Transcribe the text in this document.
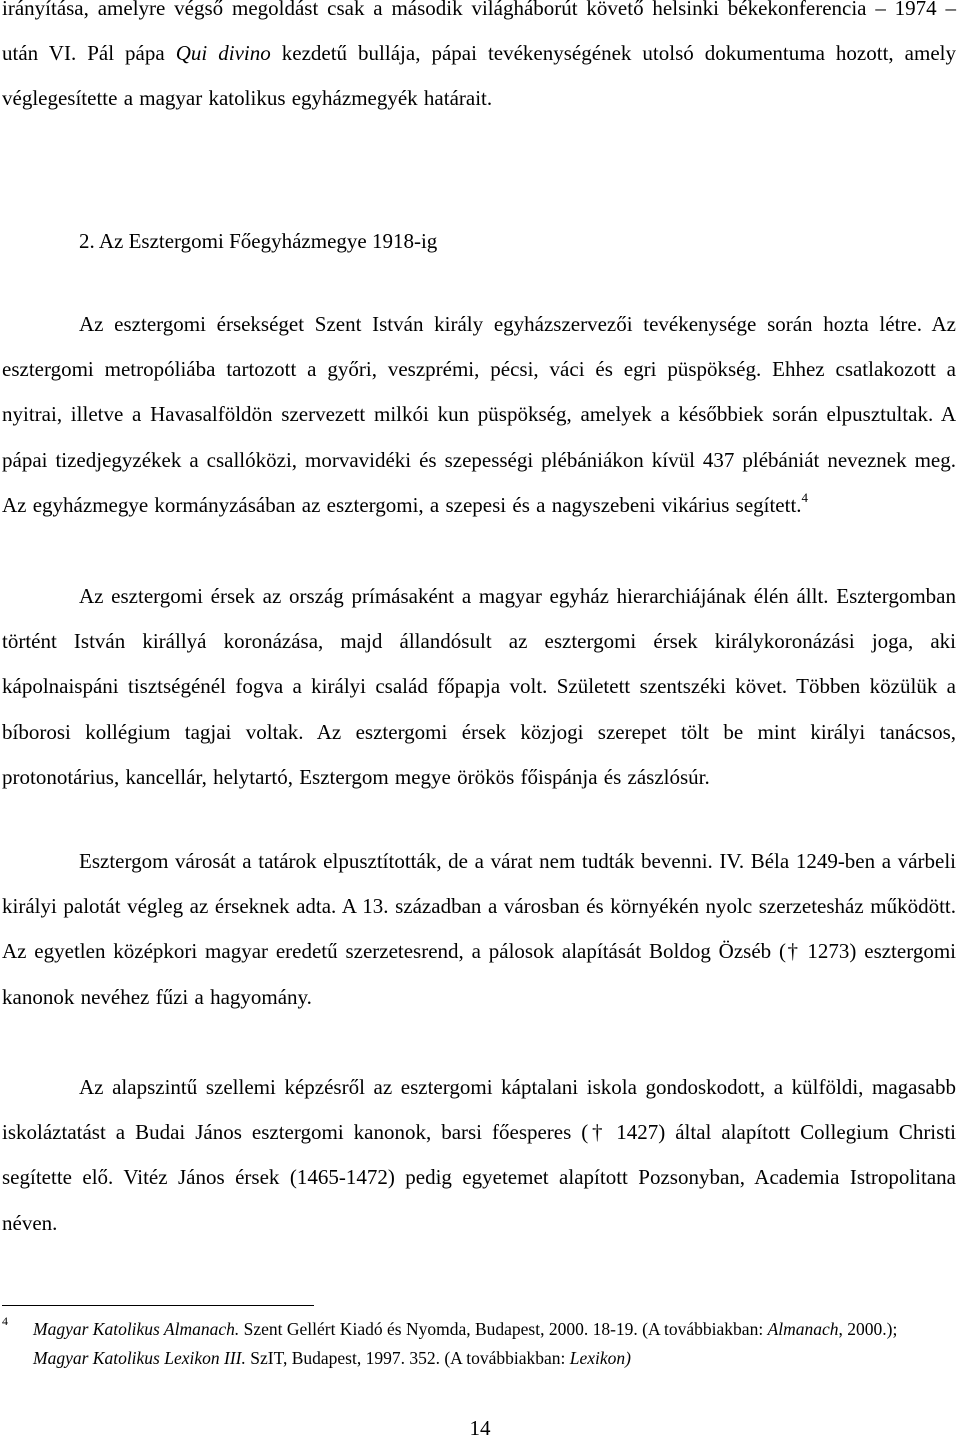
irányítása, amelyre végső megoldást csak a második világháborút követő helsinki békekonferencia – 1974 – után VI. Pál pápa Qui divino kezdetű bullája, pápai tevékenységének utolsó dokumentuma hozott, amely véglegesítette a magyar katolikus egyházmegyék határait.

2. Az Esztergomi Főegyházmegye 1918-ig

Az esztergomi érsekséget Szent István király egyházszervezői tevékenysége során hozta létre. Az esztergomi metropóliába tartozott a győri, veszprémi, pécsi, váci és egri püspökség. Ehhez csatlakozott a nyitrai, illetve a Havasalföldön szervezett milkói kun püspökség, amelyek a későbbiek során elpusztultak. A pápai tizedjegyzékek a csallóközi, morvavidéki és szepességi plébániákon kívül 437 plébániát neveznek meg. Az egyházmegye kormányzásában az esztergomi, a szepesi és a nagyszebeni vikárius segített.$^4$

Az esztergomi érsek az ország prímásaként a magyar egyház hierarchiájának élén állt. Esztergomban történt István királlyá koronázása, majd állandósult az esztergomi érsek királykoronázási joga, aki kápolnaispáni tisztségénél fogva a királyi család főpapja volt. Született szentszéki követ. Többen közülük a bíborosi kollégium tagjai voltak. Az esztergomi érsek közjogi szerepet tölt be mint királyi tanácsos, protonotárius, kancellár, helytartó, Esztergom megye örökös főispánja és zászlósúr.

Esztergom városát a tatárok elpusztították, de a várat nem tudták bevenni. IV. Béla 1249-ben a várbeli királyi palotát végleg az érseknek adta. A 13. században a városban és környékén nyolc szerzetesház működött. Az egyetlen középkori magyar eredetű szerzetesrend, a pálosok alapítását Boldog Özséb († 1273) esztergomi kanonok nevéhez fűzi a hagyomány.

Az alapszintű szellemi képzésről az esztergomi káptalani iskola gondoskodott, a külföldi, magasabb iskoláztatást a Budai János esztergomi kanonok, barsi főesperes († 1427) által alapított Collegium Christi segítette elő. Vitéz János érsek (1465-1472) pedig egyetemet alapított Pozsonyban, Academia Istropolitana néven.

4 Magyar Katolikus Almanach. Szent Gellért Kiadó és Nyomda, Budapest, 2000. 18-19. (A továbbiakban: Almanach, 2000.); Magyar Katolikus Lexikon III. SzIT, Budapest, 1997. 352. (A továbbiakban: Lexikon)
14
